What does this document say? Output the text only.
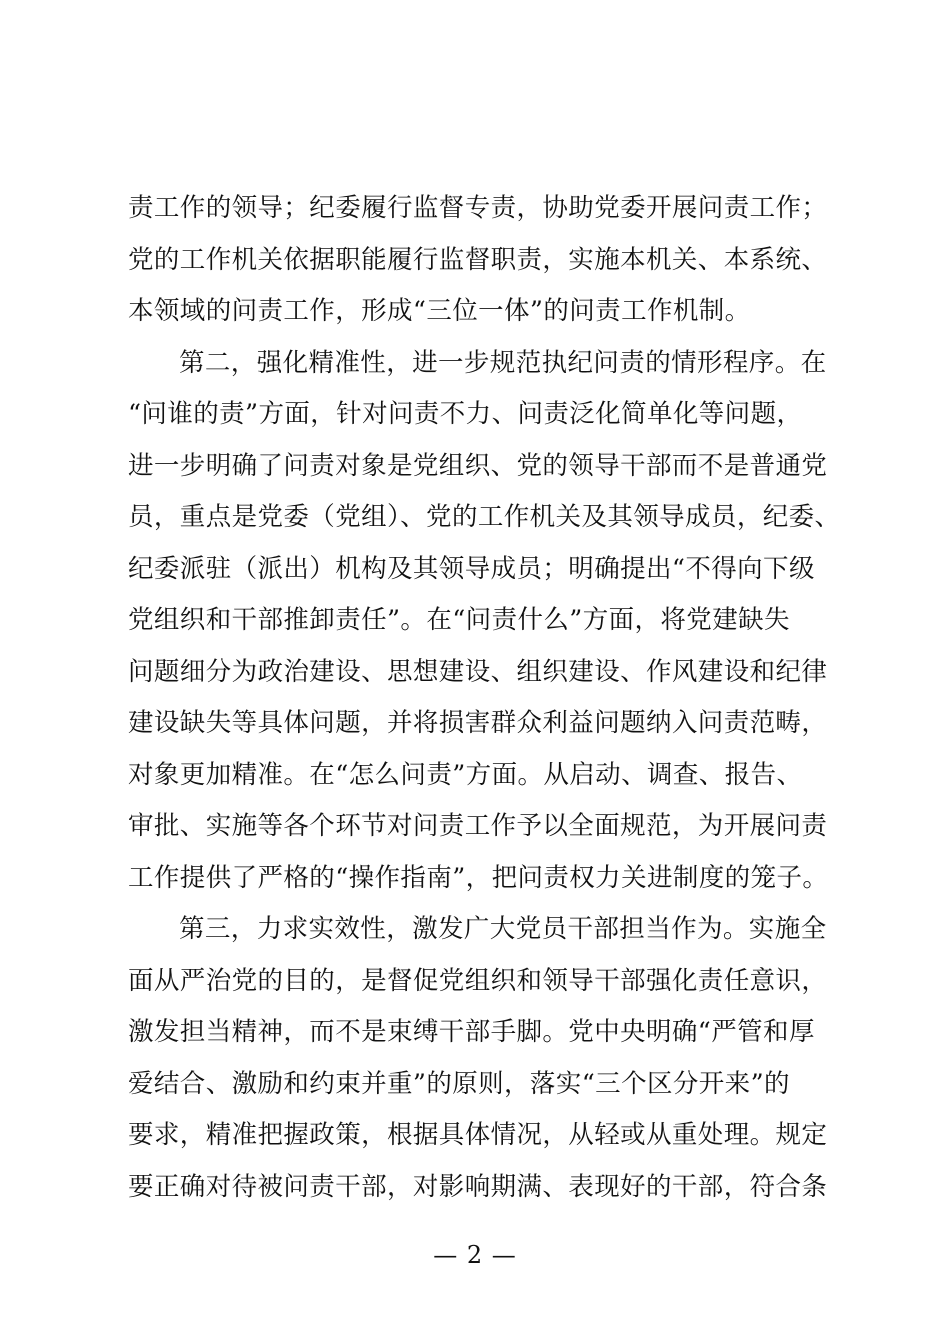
责工作的领导；纪委履行监督专责，协助党委开展问责工作；
党的工作机关依据职能履行监督职责，实施本机关、本系统、
本领域的问责工作，形成“三位一体”的问责工作机制。
第二，强化精准性，进一步规范执纪问责的情形程序。在
“问谁的责”方面，针对问责不力、问责泛化简单化等问题，
进一步明确了问责对象是党组织、党的领导干部而不是普通党
员，重点是党委（党组）、党的工作机关及其领导成员，纪委、
纪委派驻（派出）机构及其领导成员；明确提出“不得向下级
党组织和干部推卸责任”。在“问责什么”方面，将党建缺失
问题细分为政治建设、思想建设、组织建设、作风建设和纪律
建设缺失等具体问题，并将损害群众利益问题纳入问责范畴，
对象更加精准。在“怎么问责”方面。从启动、调查、报告、
审批、实施等各个环节对问责工作予以全面规范，为开展问责
工作提供了严格的“操作指南”，把问责权力关进制度的笼子。
第三，力求实效性，激发广大党员干部担当作为。实施全
面从严治党的目的，是督促党组织和领导干部强化责任意识，
激发担当精神，而不是束缚干部手脚。党中央明确“严管和厚
爱结合、激励和约束并重”的原则，落实“三个区分开来”的
要求，精准把握政策，根据具体情况，从轻或从重处理。规定
要正确对待被问责干部，对影响期满、表现好的干部，符合条
— 2 —
